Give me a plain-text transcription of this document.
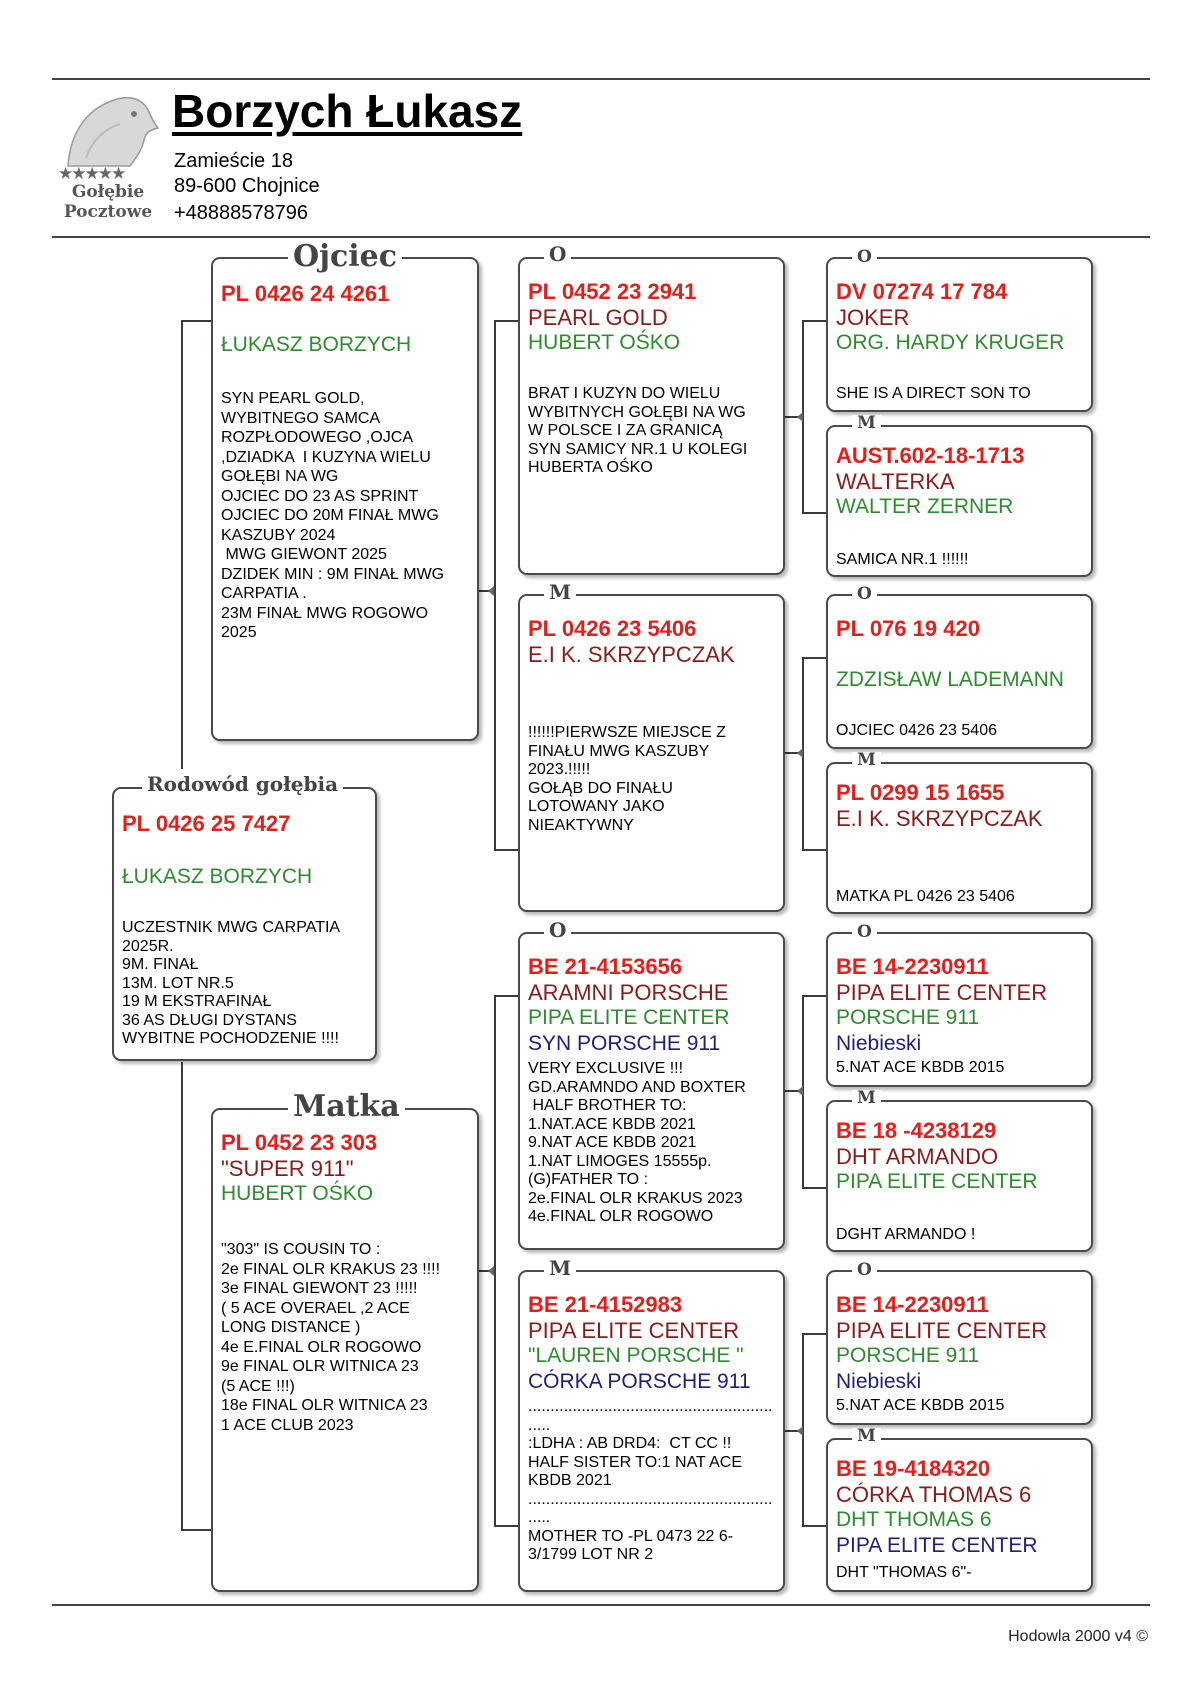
★★★★★
Gołębie
Pocztowe
Borzych Łukasz
Zamieście 18
89-600 Chojnice
+48888578796
PL 0426 25 7427
ŁUKASZ BORZYCH
UCZESTNIK MWG CARPATIA
2025R.
9M. FINAŁ
13M. LOT NR.5
19 M EKSTRAFINAŁ
36 AS DŁUGI DYSTANS
WYBITNE POCHODZENIE !!!!
Rodowód gołębia
PL 0426 24 4261
ŁUKASZ BORZYCH
SYN PEARL GOLD,
WYBITNEGO SAMCA
ROZPŁODOWEGO ,OJCA
,DZIADKA  I KUZYNA WIELU
GOŁĘBI NA WG
OJCIEC DO 23 AS SPRINT
OJCIEC DO 20M FINAŁ MWG
KASZUBY 2024
MWG GIEWONT 2025
DZIDEK MIN : 9M FINAŁ MWG
CARPATIA .
23M FINAŁ MWG ROGOWO
2025
Ojciec
PL 0452 23 303
"SUPER 911"
HUBERT OŚKO
"303" IS COUSIN TO :
2e FINAL OLR KRAKUS 23 !!!!
3e FINAL GIEWONT 23 !!!!!
( 5 ACE OVERAEL ,2 ACE
LONG DISTANCE )
4e E.FINAL OLR ROGOWO
9e FINAL OLR WITNICA 23
(5 ACE !!!)
18e FINAL OLR WITNICA 23
1 ACE CLUB 2023
Matka
PL 0452 23 2941
PEARL GOLD
HUBERT OŚKO
BRAT I KUZYN DO WIELU
WYBITNYCH GOŁĘBI NA WG
W POLSCE I ZA GRANICĄ
SYN SAMICY NR.1 U KOLEGI
HUBERTA OŚKO
O
PL 0426 23 5406
E.I K. SKRZYPCZAK
!!!!!!PIERWSZE MIEJSCE Z
FINAŁU MWG KASZUBY
2023.!!!!!
GOŁĄB DO FINAŁU
LOTOWANY JAKO
NIEAKTYWNY
M
BE 21-4153656
ARAMNI PORSCHE
PIPA ELITE CENTER
SYN PORSCHE 911
VERY EXCLUSIVE !!!
GD.ARAMNDO AND BOXTER
HALF BROTHER TO:
1.NAT.ACE KBDB 2021
9.NAT ACE KBDB 2021
1.NAT LIMOGES 15555p.
(G)FATHER TO :
2e.FINAL OLR KRAKUS 2023
4e.FINAL OLR ROGOWO
O
BE 21-4152983
PIPA ELITE CENTER
"LAUREN PORSCHE "
CÓRKA PORSCHE 911
.......................................................
.....
:LDHA : AB DRD4:  CT CC !!
HALF SISTER TO:1 NAT ACE
KBDB 2021
.......................................................
.....
MOTHER TO -PL 0473 22 6-
3/1799 LOT NR 2
M
DV 07274 17 784
JOKER
ORG. HARDY KRUGER
SHE IS A DIRECT SON TO
O
AUST.602-18-1713
WALTERKA
WALTER ZERNER
SAMICA NR.1 !!!!!!
M
PL 076 19 420
ZDZISŁAW LADEMANN
OJCIEC 0426 23 5406
O
PL 0299 15 1655
E.I K. SKRZYPCZAK
MATKA PL 0426 23 5406
M
BE 14-2230911
PIPA ELITE CENTER
PORSCHE 911
Niebieski
5.NAT ACE KBDB 2015
O
BE 18 -4238129
DHT ARMANDO
PIPA ELITE CENTER
DGHT ARMANDO !
M
BE 14-2230911
PIPA ELITE CENTER
PORSCHE 911
Niebieski
5.NAT ACE KBDB 2015
O
BE 19-4184320
CÓRKA THOMAS 6
DHT THOMAS 6
PIPA ELITE CENTER
DHT "THOMAS 6"-
M
Hodowla 2000 v4 ©
